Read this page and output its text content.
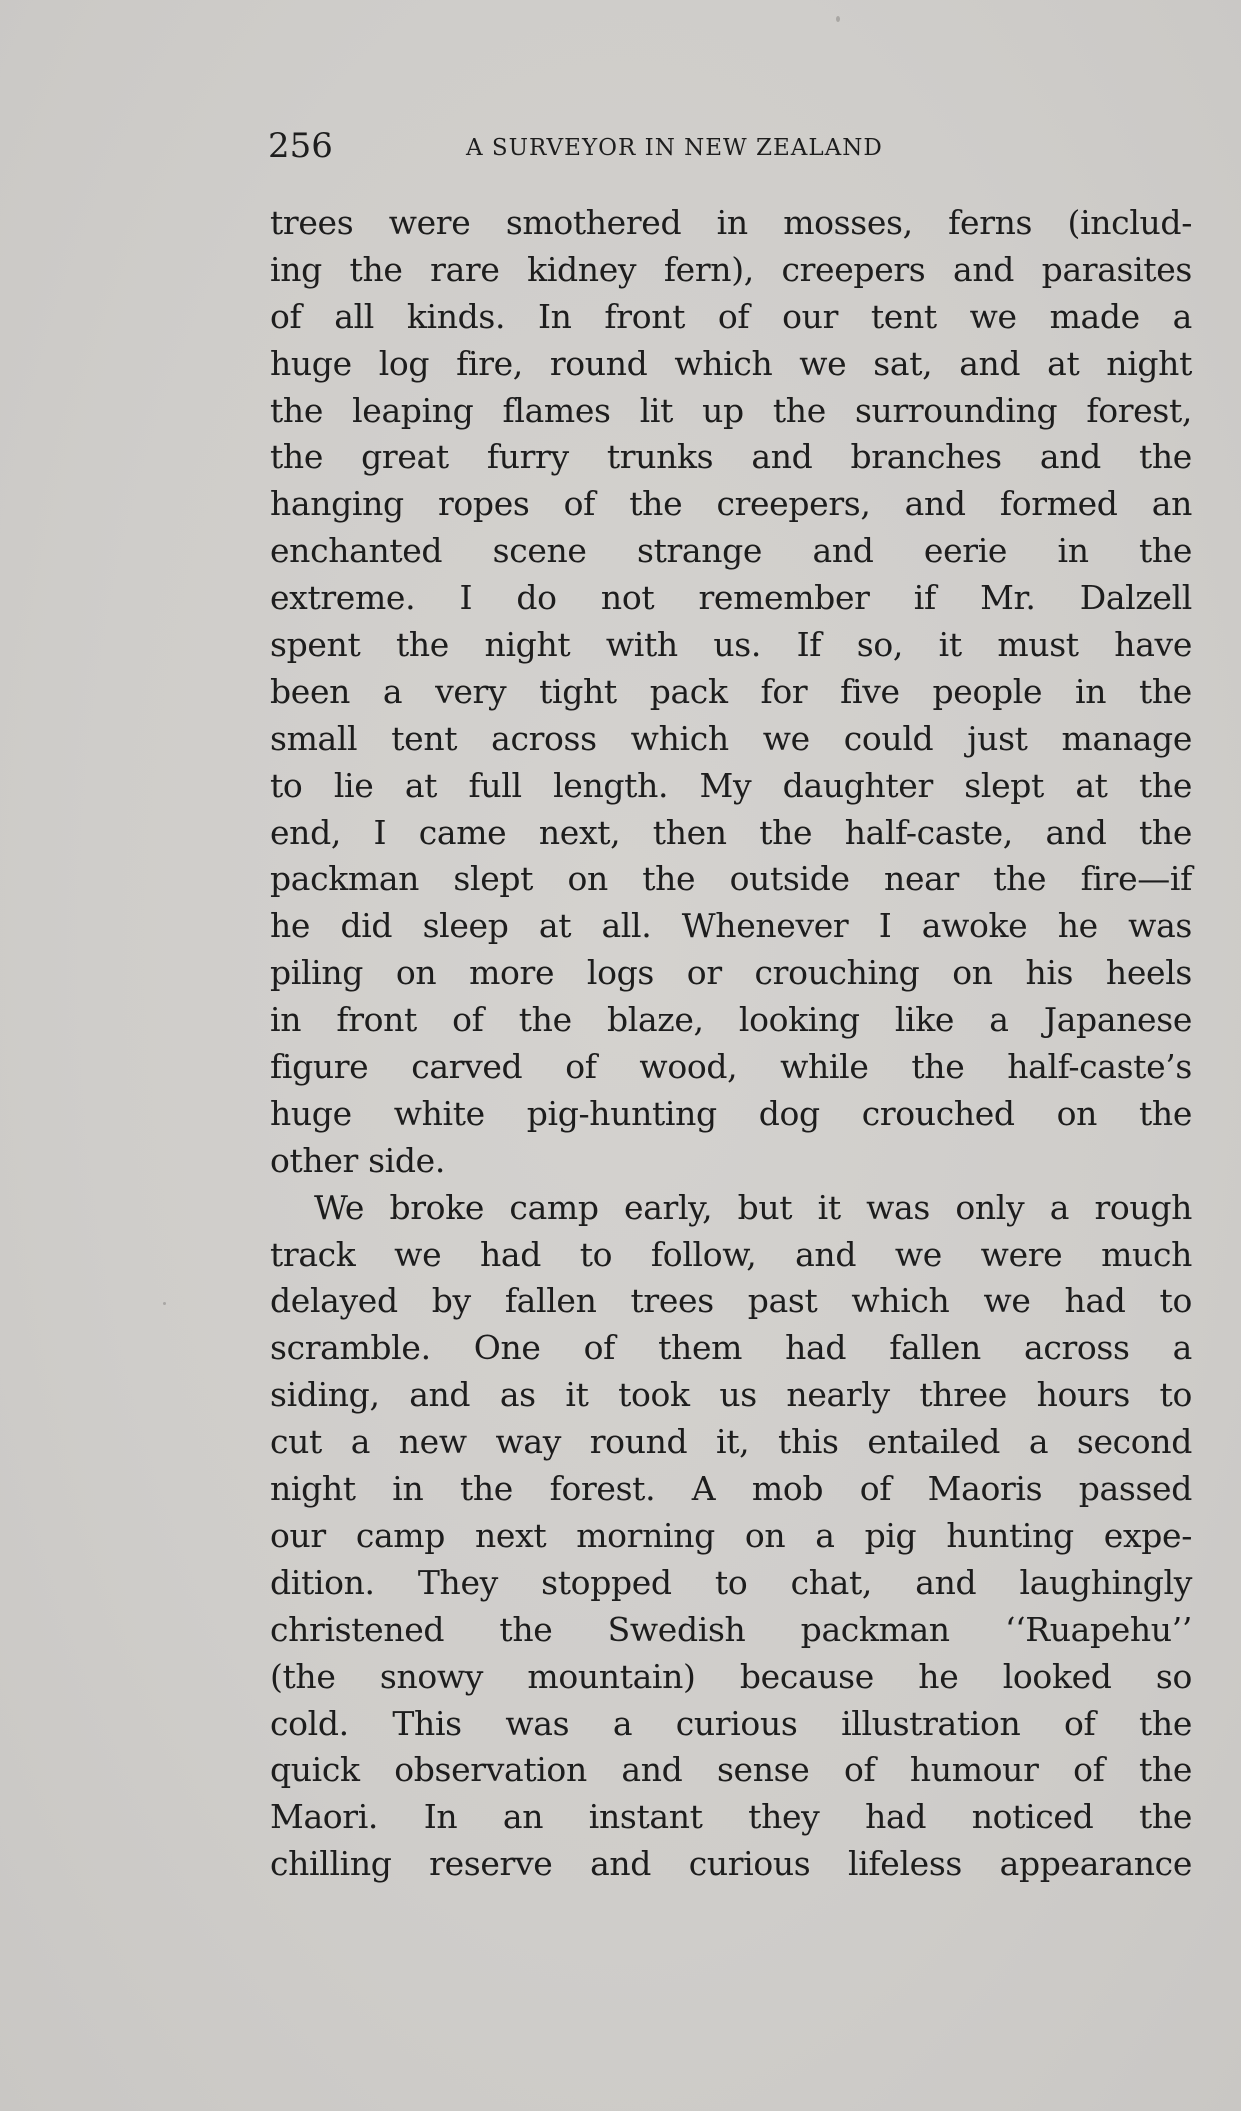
256	A SURVEYOR IN NEW ZEALAND
trees were smothered in mosses, ferns (includ-
ing the rare kidney fern), creepers and parasites
of all kinds. In front of our tent we made a
huge log fire, round which we sat, and at night
the leaping flames lit up the surrounding forest,
the great furry trunks and branches and the
hanging ropes of the creepers, and formed an
enchanted scene strange and eerie in the
extreme. I do not remember if Mr. Dalzell
spent the night with us. If so, it must have
been a very tight pack for five people in the
small tent across which we could just manage
to lie at full length. My daughter slept at the
end, I came next, then the half-caste, and the
packman slept on the outside near the fire—if
he did sleep at all. Whenever I awoke he was
piling on more logs or crouching on his heels
in front of the blaze, looking like a Japanese
figure carved of wood, while the half-caste’s
huge white pig-hunting dog crouched on the
other side.
We broke camp early, but it was only a rough
track we had to follow, and we were much
delayed by fallen trees past which we had to
scramble. One of them had fallen across a
siding, and as it took us nearly three hours to
cut a new way round it, this entailed a second
night in the forest. A mob of Maoris passed
our camp next morning on a pig hunting expe-
dition. They stopped to chat, and laughingly
christened the Swedish packman ‘‘Ruapehu’’
(the snowy mountain) because he looked so
cold. This was a curious illustration of the
quick observation and sense of humour of the
Maori. In an instant they had noticed the
chilling reserve and curious lifeless appearance
